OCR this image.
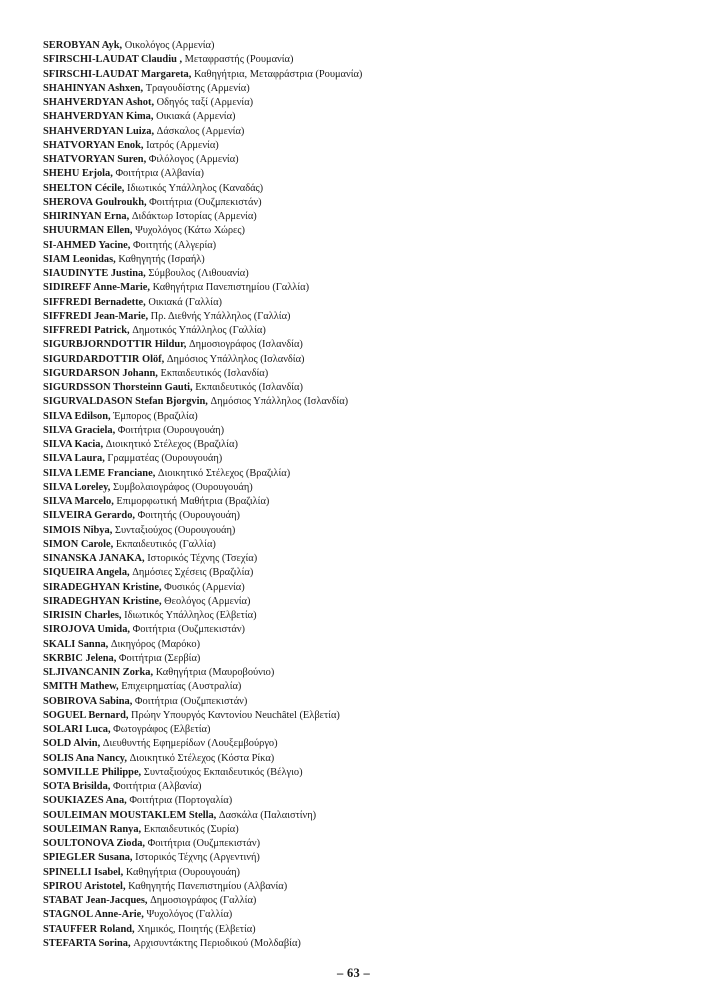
SEROBYAN Ayk, Οικολόγος (Αρμενία)
SFIRSCHI-LAUDAT Claudiu , Μεταφραστής (Ρουμανία)
SFIRSCHI-LAUDAT Margareta, Καθηγήτρια, Μεταφράστρια (Ρουμανία)
SHAHINYAN Ashxen, Τραγουδίστης (Αρμενία)
SHAHVERDYAN Ashot, Οδηγός ταξί (Αρμενία)
SHAHVERDYAN Kima, Οικιακά (Αρμενία)
SHAHVERDYAN Luiza, Δάσκαλος (Αρμενία)
SHATVORYAN Enok, Ιατρός (Αρμενία)
SHATVORYAN Suren, Φιλόλογος (Αρμενία)
SHEHU Erjola, Φοιτήτρια (Αλβανία)
SHELTON Cécile, Ιδιωτικός Υπάλληλος (Καναδάς)
SHEROVA Goulroukh, Φοιτήτρια (Ουζμπεκιστάν)
SHIRINYAN Erna, Διδάκτωρ Ιστορίας (Αρμενία)
SHUURMAN Ellen, Ψυχολόγος (Κάτω Χώρες)
SI-AHMED Yacine, Φοιτητής (Αλγερία)
SIAM Leonidas, Καθηγητής (Ισραήλ)
SIAUDINYTE Justina, Σύμβουλος (Λιθουανία)
SIDIREFF Anne-Marie, Καθηγήτρια Πανεπιστημίου (Γαλλία)
SIFFREDI Bernadette, Οικιακά (Γαλλία)
SIFFREDI Jean-Marie, Πρ. Διεθνής Υπάλληλος (Γαλλία)
SIFFREDI Patrick, Δημοτικός Υπάλληλος (Γαλλία)
SIGURBJORNDOTTIR Hildur, Δημοσιογράφος (Ισλανδία)
SIGURDARDOTTIR Olöf, Δημόσιος Υπάλληλος (Ισλανδία)
SIGURDARSON Johann, Εκπαιδευτικός (Ισλανδία)
SIGURDSSON Thorsteinn Gauti, Εκπαιδευτικός (Ισλανδία)
SIGURVALDASON Stefan Bjorgvin, Δημόσιος Υπάλληλος (Ισλανδία)
SILVA Edilson, Έμπορος (Βραζιλία)
SILVA Graciela, Φοιτήτρια (Ουρουγουάη)
SILVA Kacia, Διοικητικό Στέλεχος (Βραζιλία)
SILVA Laura, Γραμματέας (Ουρουγουάη)
SILVA LEME Franciane, Διοικητικό Στέλεχος (Βραζιλία)
SILVA Loreley, Συμβολαιογράφος (Ουρουγουάη)
SILVA Marcelo, Επιμορφωτική Μαθήτρια (Βραζιλία)
SILVEIRA Gerardo, Φοιτητής (Ουρουγουάη)
SIMOIS Nibya, Συνταξιούχος (Ουρουγουάη)
SIMON Carole, Εκπαιδευτικός (Γαλλία)
SINANSKA JANAKA, Ιστορικός Τέχνης (Τσεχία)
SIQUEIRA Angela, Δημόσιες Σχέσεις (Βραζιλία)
SIRADEGHYAN Kristine, Φυσικός (Αρμενία)
SIRADEGHYAN Kristine, Θεολόγος (Αρμενία)
SIRISIN Charles, Ιδιωτικός Υπάλληλος (Ελβετία)
SIROJOVA Umida, Φοιτήτρια (Ουζμπεκιστάν)
SKALI Sanna, Δικηγόρος (Μαρόκο)
SKRBIC Jelena, Φοιτήτρια (Σερβία)
SLJIVANCANIN Zorka, Καθηγήτρια (Μαυροβούνιο)
SMITH Mathew, Επιχειρηματίας (Αυστραλία)
SOBIROVA Sabina, Φοιτήτρια (Ουζμπεκιστάν)
SOGUEL Bernard, Πρώην Υπουργός Καντονίου Neuchâtel (Ελβετία)
SOLARI Luca, Φωτογράφος (Ελβετία)
SOLD Alvin, Διευθυντής Εφημερίδων (Λουξεμβούργο)
SOLIS Ana Nancy, Διοικητικό Στέλεχος (Κόστα Ρίκα)
SOMVILLE Philippe, Συνταξιούχος Εκπαιδευτικός (Βέλγιο)
SOTA Brisilda, Φοιτήτρια (Αλβανία)
SOUKIAZES Ana, Φοιτήτρια (Πορτογαλία)
SOULEIMAN MOUSTAKLEM Stella, Δασκάλα (Παλαιστίνη)
SOULEIMAN Ranya, Εκπαιδευτικός (Συρία)
SOULTONOVA Zioda, Φοιτήτρια (Ουζμπεκιστάν)
SPIEGLER Susana, Ιστορικός Τέχνης (Αργεντινή)
SPINELLI Isabel, Καθηγήτρια (Ουρουγουάη)
SPIROU Aristotel, Καθηγητής Πανεπιστημίου (Αλβανία)
STABAT Jean-Jacques, Δημοσιογράφος (Γαλλία)
STAGNOL Anne-Arie, Ψυχολόγος (Γαλλία)
STAUFFER Roland, Χημικός, Ποιητής (Ελβετία)
STEFARTA Sorina, Αρχισυντάκτης Περιοδικού (Μολδαβία)
– 63 –
